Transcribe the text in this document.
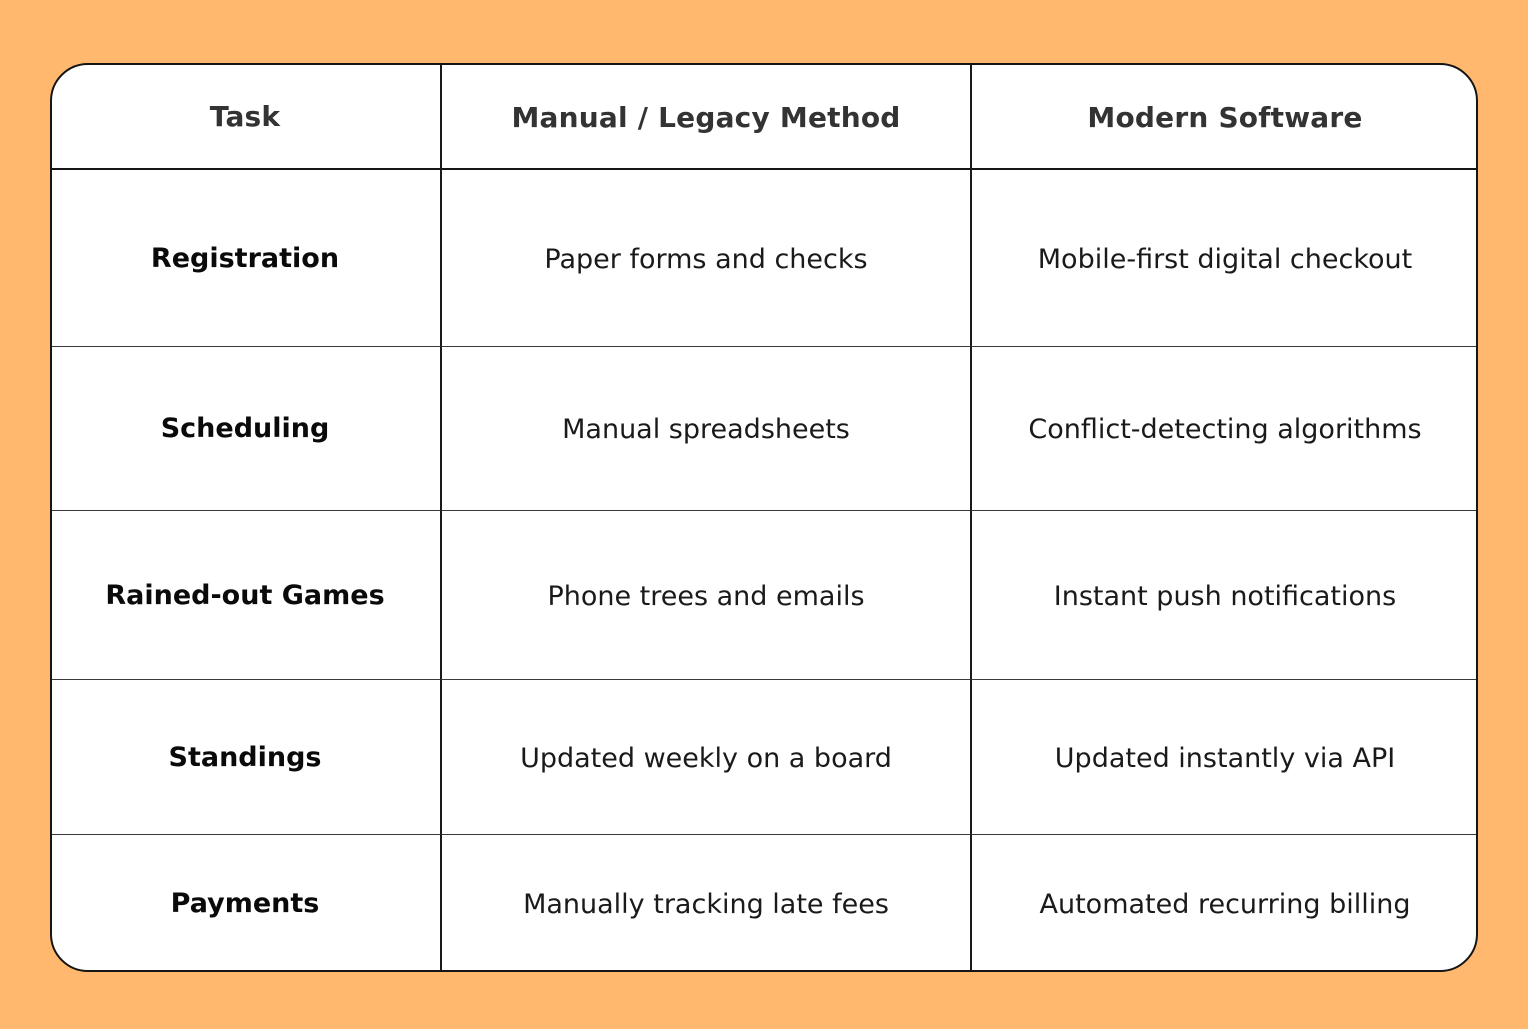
Task	Manual / Legacy Method	Modern Software
Registration	Paper forms and checks	Mobile-first digital checkout
Scheduling	Manual spreadsheets	Conflict-detecting algorithms
Rained-out Games	Phone trees and emails	Instant push notifications
Standings	Updated weekly on a board	Updated instantly via API
Payments	Manually tracking late fees	Automated recurring billing
